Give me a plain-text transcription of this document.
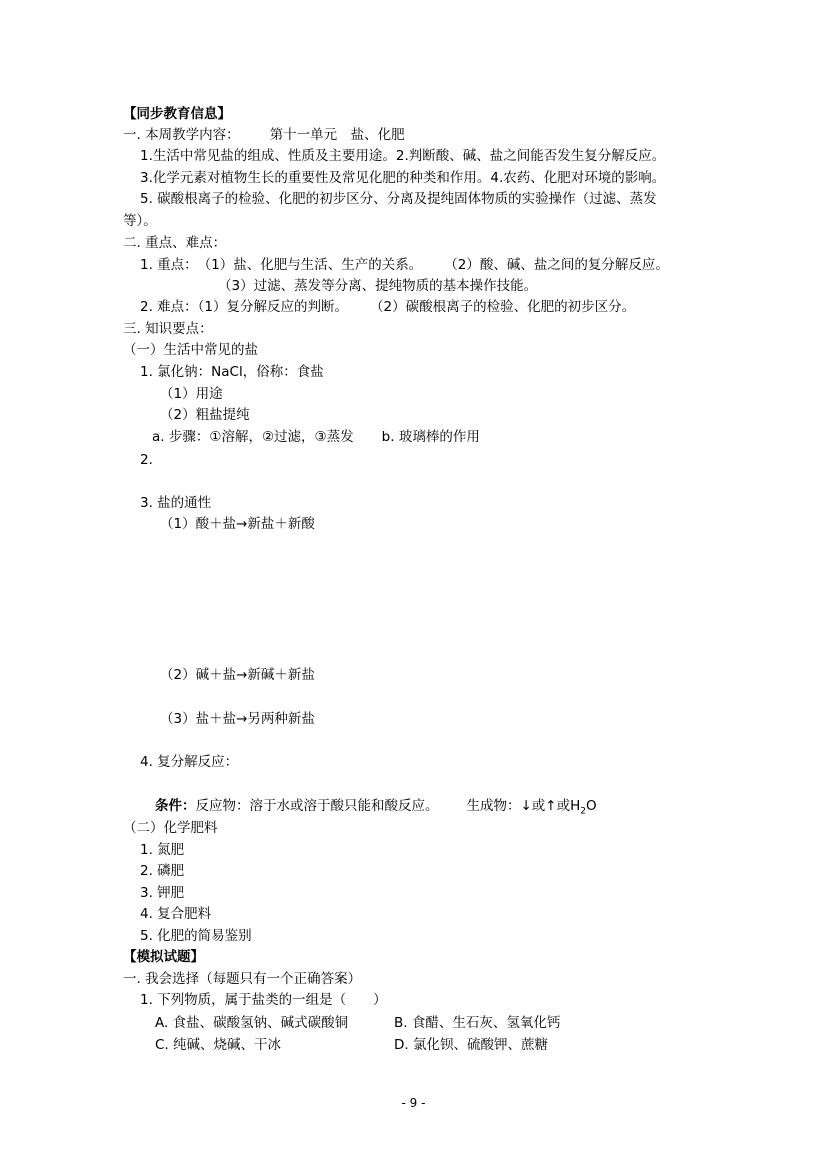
【同步教育信息】
一. 本周教学内容： 第十一单元　盐、化肥
1.生活中常见盐的组成、性质及主要用途。2.判断酸、碱、盐之间能否发生复分解反应。
3.化学元素对植物生长的重要性及常见化肥的种类和作用。4.农药、化肥对环境的影响。
5. 碳酸根离子的检验、化肥的初步区分、分离及提纯固体物质的实验操作（过滤、蒸发
等）。
二. 重点、难点：
1. 重点：　（1）盐、化肥与生活、生产的关系。 （2）酸、碱、盐之间的复分解反应。
（3）过滤、蒸发等分离、提纯物质的基本操作技能。
2. 难点：（1）复分解反应的判断。 （2）碳酸根离子的检验、化肥的初步区分。
三. 知识要点：
（一）生活中常见的盐
1. 氯化钠：NaCl，俗称：食盐
（1）用途
（2）粗盐提纯
a. 步骤：①溶解，②过滤，③蒸发 b. 玻璃棒的作用
2.
3. 盐的通性
（1）酸＋盐→新盐＋新酸
（2）碱＋盐→新碱＋新盐
（3）盐＋盐→另两种新盐
4. 复分解反应：
条件：反应物：溶于水或溶于酸只能和酸反应。 生成物：↓或↑或$H_2O$
（二）化学肥料
1. 氮肥
2. 磷肥
3. 钾肥
4. 复合肥料
5. 化肥的简易鉴别
【模拟试题】
一. 我会选择（每题只有一个正确答案）
1. 下列物质，属于盐类的一组是（　　）
A. 食盐、碳酸氢钠、碱式碳酸铜	B. 食醋、生石灰、氢氧化钙
C. 纯碱、烧碱、干冰	D. 氯化钡、硫酸钾、蔗糖
- 9 -
